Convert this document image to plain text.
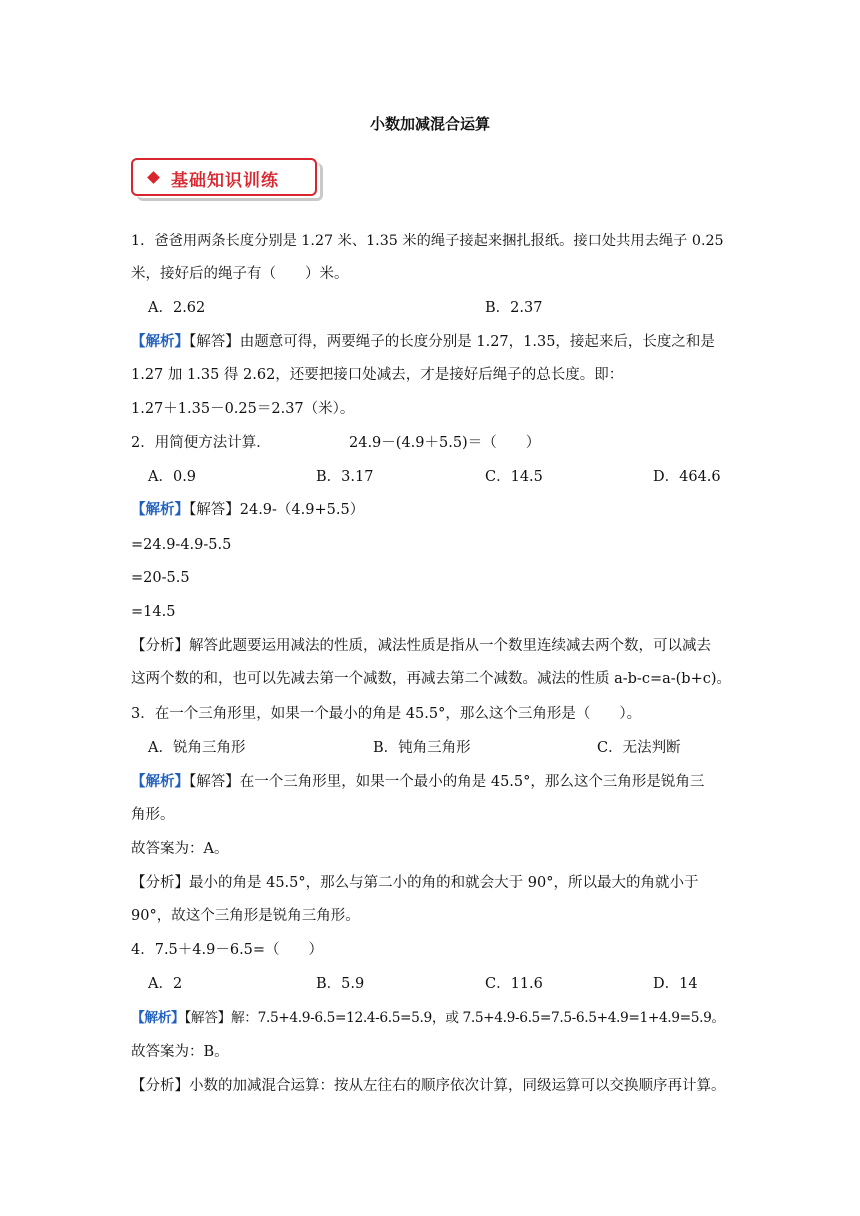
小数加减混合运算
基础知识训练
1．爸爸用两条长度分别是 1.27 米、1.35 米的绳子接起来捆扎报纸。接口处共用去绳子 0.25
米，接好后的绳子有（　　）米。
A．2.62	B．2.37
【解析】【解答】由题意可得，两要绳子的长度分别是 1.27，1.35，接起来后，长度之和是
1.27 加 1.35 得 2.62，还要把接口处减去，才是接好后绳子的总长度。即：
1.27＋1.35－0.25＝2.37（米）。
2．用简便方法计算．	24.9－(4.9＋5.5)＝（　　）
A．0.9	B．3.17	C．14.5	D．464.6
【解析】【解答】24.9-（4.9+5.5）
=24.9-4.9-5.5
=20-5.5
=14.5
【分析】解答此题要运用减法的性质，减法性质是指从一个数里连续减去两个数，可以减去
这两个数的和，也可以先减去第一个减数，再减去第二个减数。减法的性质 a-b-c=a-(b+c)。
3．在一个三角形里，如果一个最小的角是 45.5°，那么这个三角形是（　　）。
A．锐角三角形	B．钝角三角形	C．无法判断
【解析】【解答】在一个三角形里，如果一个最小的角是 45.5°，那么这个三角形是锐角三
角形。
故答案为：A。
【分析】最小的角是 45.5°，那么与第二小的角的和就会大于 90°，所以最大的角就小于
90°，故这个三角形是锐角三角形。
4．7.5＋4.9－6.5=（　　）
A．2	B．5.9	C．11.6	D．14
【解析】【解答】解：7.5+4.9-6.5=12.4-6.5=5.9，或 7.5+4.9-6.5=7.5-6.5+4.9=1+4.9=5.9。
故答案为：B。
【分析】小数的加减混合运算：按从左往右的顺序依次计算，同级运算可以交换顺序再计算。
